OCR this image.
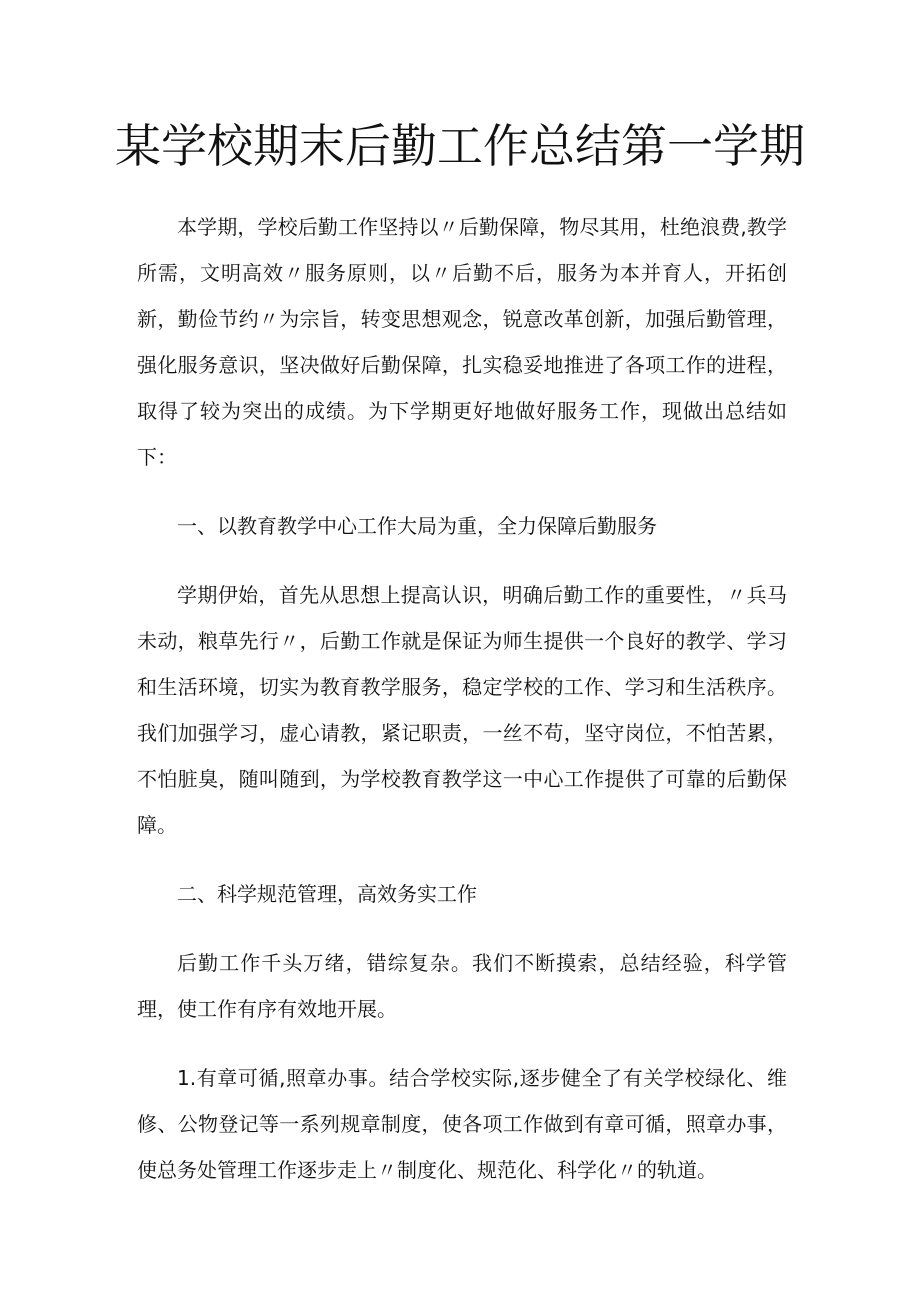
某学校期末后勤工作总结第一学期

本学期，学校后勤工作坚持以〃后勤保障，物尽其用，杜绝浪费,教学所需，文明高效〃服务原则，以〃后勤不后，服务为本并育人，开拓创新，勤俭节约〃为宗旨，转变思想观念，锐意改革创新，加强后勤管理，强化服务意识，坚决做好后勤保障，扎实稳妥地推进了各项工作的进程，取得了较为突出的成绩。为下学期更好地做好服务工作，现做出总结如下：

一、以教育教学中心工作大局为重，全力保障后勤服务

学期伊始，首先从思想上提高认识，明确后勤工作的重要性，〃兵马未动，粮草先行〃，后勤工作就是保证为师生提供一个良好的教学、学习和生活环境，切实为教育教学服务，稳定学校的工作、学习和生活秩序。我们加强学习，虚心请教，紧记职责，一丝不苟，坚守岗位，不怕苦累，不怕脏臭，随叫随到，为学校教育教学这一中心工作提供了可靠的后勤保障。

二、科学规范管理，高效务实工作

后勤工作千头万绪，错综复杂。我们不断摸索，总结经验，科学管理，使工作有序有效地开展。

1.有章可循,照章办事。结合学校实际,逐步健全了有关学校绿化、维修、公物登记等一系列规章制度，使各项工作做到有章可循，照章办事，使总务处管理工作逐步走上〃制度化、规范化、科学化〃的轨道。
